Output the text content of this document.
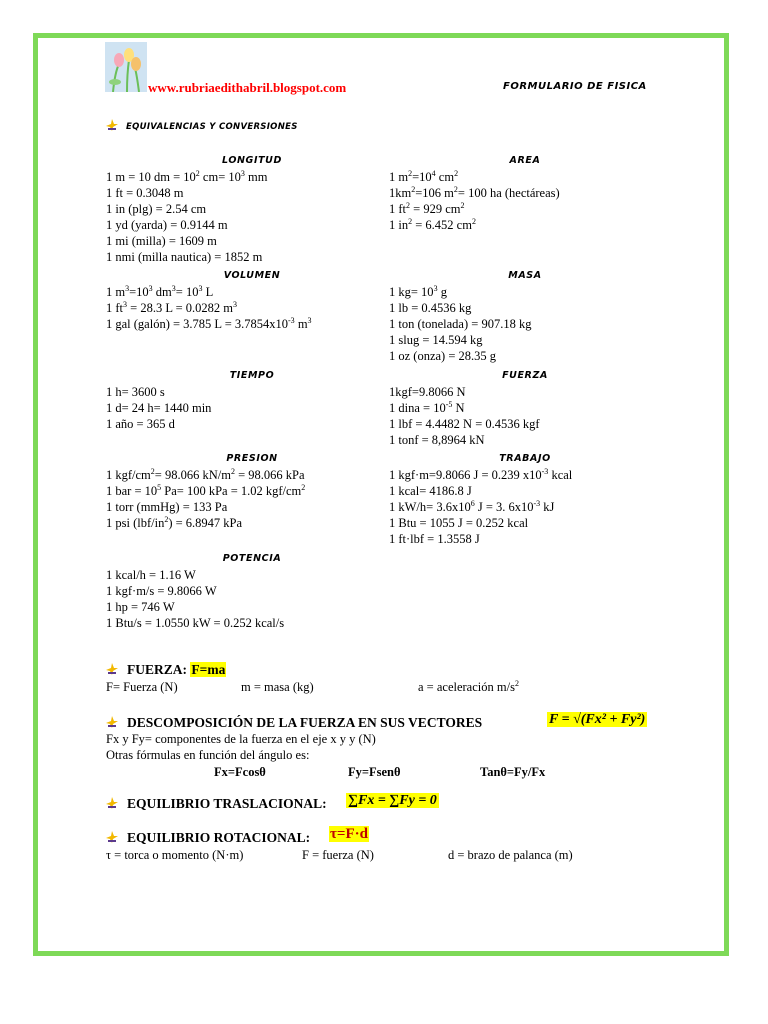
www.rubriaedithabril.blogspot.com	FORMULARIO DE FISICA
EQUIVALENCIAS Y CONVERSIONES
LONGITUD	AREA
1 m = 10 dm = $10^2$ $cm= 10^3$ mm
1 ft = 0.3048 m
1 in (plg) = 2.54 cm
1 yd (yarda) = 0.9144 m
1 mi (milla) = 1609 m
1 nmi (milla nautica) = 1852 m
1 $m^2=10^4$ $cm^2$
$1km^2=106$ $m^2= 100$ ha (hectáreas)
1 $ft^2 = 929$ $cm^2$
1 $in^2 = 6.452$ $cm^2$
VOLUMEN	MASA
1 $m^3=10^3$ $dm^3= 10^3$ L
1 $ft^3 = 28.3$ L = 0.0282 $m^3$
1 gal (galón) = 3.785 $L = 3.7854x10^{-3}$ $m^3$
1 $kg= 10^3$ g
1 lb = 0.4536 kg
1 ton (tonelada) = 907.18 kg
1 slug = 14.594 kg
1 oz (onza) = 28.35 g
TIEMPO	FUERZA
1 h= 3600 s
1 d= 24 h= 1440 min
1 año = 365 d
1kgf=9.8066 N
1 dina = $10^{-5}$ N
1 lbf = 4.4482 N = 0.4536 kgf
1 tonf = 8,8964 kN
PRESION	TRABAJO
1 kgf/$cm^2= 98.066$ $kN/m^2 = 98.066$ kPa
1 bar = $10^5$ Pa= 100 kPa = 1.02 kgf/$cm^2$
1 torr (mmHg) = 133 Pa
1 psi $(lbf/in^2) = 6.8947$ kPa
1 kgf·m=9.8066 J = 0.239 $x10^{-3}$ kcal
1 kcal= 4186.8 J
1 $kW/h= 3.6x10^6$ J = 3. $6x10^{-3}$ kJ
1 Btu = 1055 J = 0.252 kcal
1 ft·lbf = 1.3558 J
POTENCIA
1 kcal/h = 1.16 W
1 kgf·m/s = 9.8066 W
1 hp = 746 W
1 Btu/s = 1.0550 kW = 0.252 kcal/s
FUERZA: F=ma
F= Fuerza (N)	m = masa (kg)	a = aceleración $m/s^2$
DESCOMPOSICIÓN DE LA FUERZA EN SUS VECTORES	F = √(Fx² + Fy²)
Fx y Fy= componentes de la fuerza en el eje x y y (N)
Otras fórmulas en función del ángulo es:
Fx=Fcosθ	Fy=Fsenθ	Tanθ=Fy/Fx
EQUILIBRIO TRASLACIONAL: ∑Fx = ∑Fy = 0
EQUILIBRIO ROTACIONAL: τ=F·d
τ = torca o momento (N·m)	F = fuerza (N)	d = brazo de palanca (m)
